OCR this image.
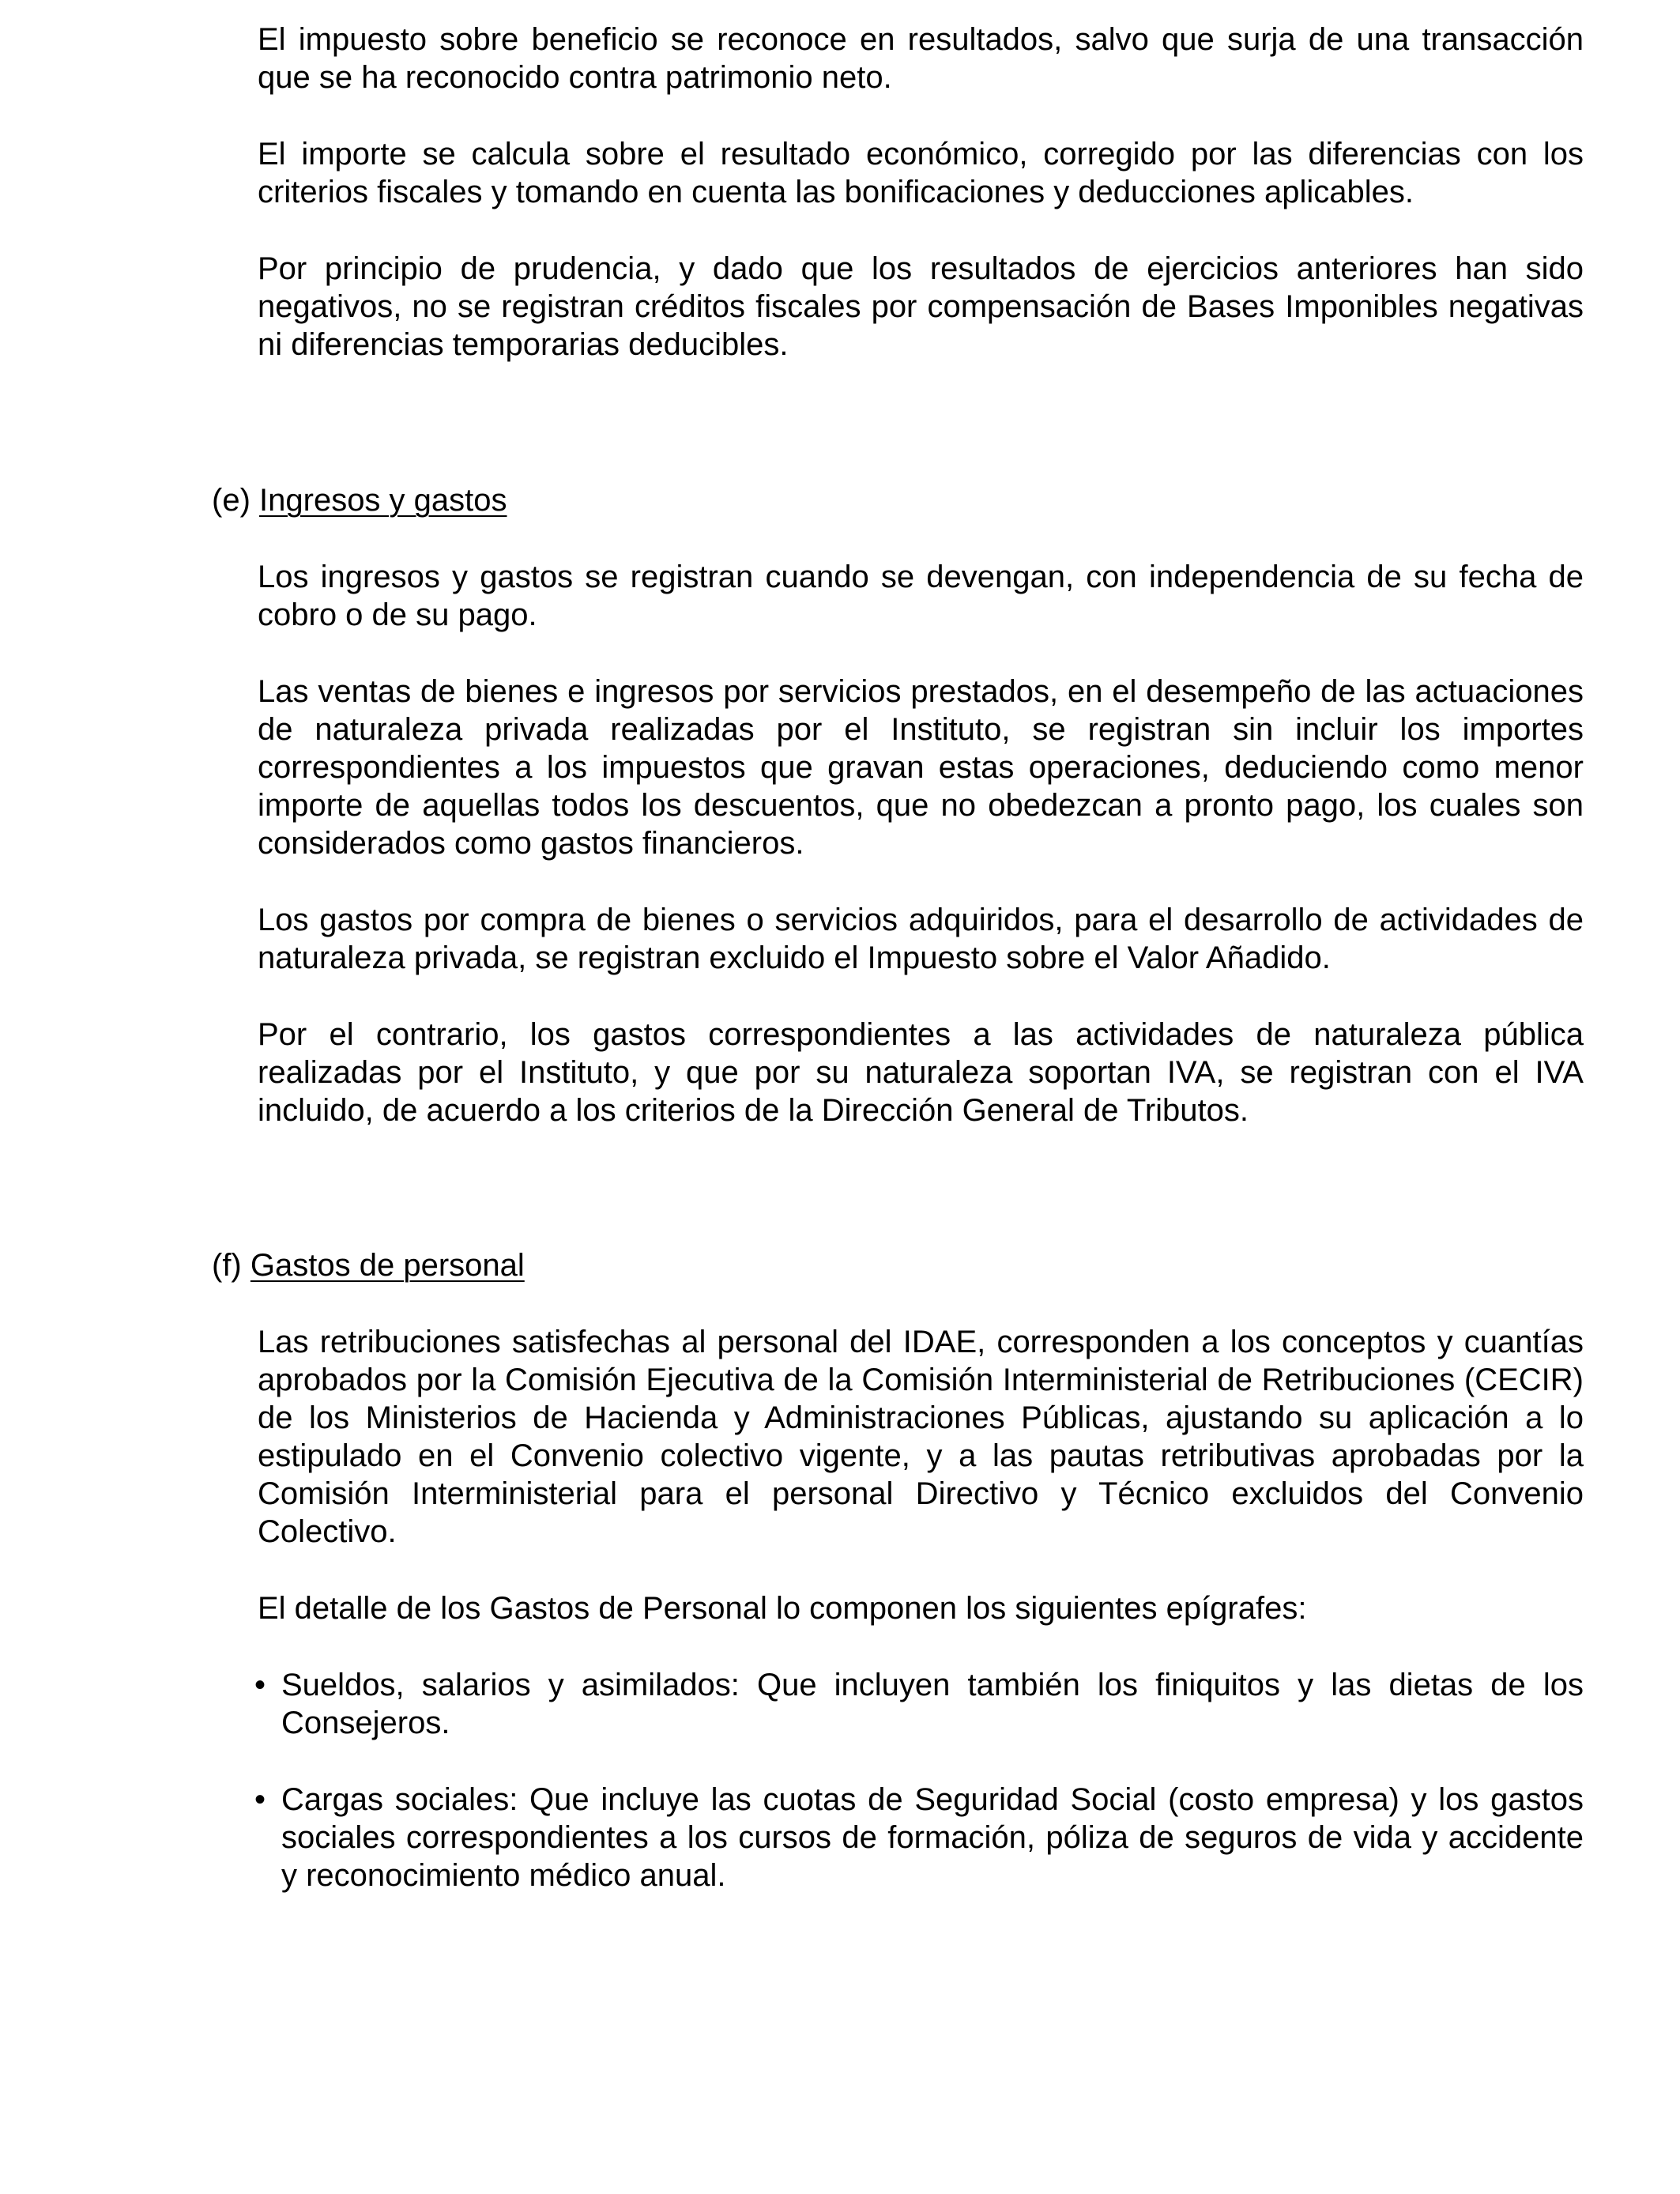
El impuesto sobre beneficio se reconoce en resultados, salvo que surja de una transacción que se ha reconocido contra patrimonio neto.

El importe se calcula sobre el resultado económico, corregido por las diferencias con los criterios fiscales y tomando en cuenta las bonificaciones y deducciones aplicables.

Por principio de prudencia, y dado que los resultados de ejercicios anteriores han sido negativos, no se registran créditos fiscales por compensación de Bases Imponibles negativas ni diferencias temporarias deducibles.

(e) Ingresos y gastos

Los ingresos y gastos se registran cuando se devengan, con independencia de su fecha de cobro o de su pago.

Las ventas de bienes e ingresos por servicios prestados, en el desempeño de las actuaciones de naturaleza privada realizadas por el Instituto, se registran sin incluir los importes correspondientes a los impuestos que gravan estas operaciones, deduciendo como menor importe de aquellas todos los descuentos, que no obedezcan a pronto pago, los cuales son considerados como gastos financieros.

Los gastos por compra de bienes o servicios adquiridos, para el desarrollo de actividades de naturaleza privada, se registran excluido el Impuesto sobre el Valor Añadido.

Por el contrario, los gastos correspondientes a las actividades de naturaleza pública realizadas por el Instituto, y que por su naturaleza soportan IVA, se registran con el IVA incluido, de acuerdo a los criterios de la Dirección General de Tributos.

(f) Gastos de personal

Las retribuciones satisfechas al personal del IDAE, corresponden a los conceptos y cuantías aprobados por la Comisión Ejecutiva de la Comisión Interministerial de Retribuciones (CECIR) de los Ministerios de Hacienda y Administraciones Públicas, ajustando su aplicación a lo estipulado en el Convenio colectivo vigente, y a las pautas retributivas aprobadas por la Comisión Interministerial para el personal Directivo y Técnico excluidos del Convenio Colectivo.

El detalle de los Gastos de Personal lo componen los siguientes epígrafes:

• Sueldos, salarios y asimilados: Que incluyen también los finiquitos y las dietas de los Consejeros.
• Cargas sociales: Que incluye las cuotas de Seguridad Social (costo empresa) y los gastos sociales correspondientes a los cursos de formación, póliza de seguros de vida y accidente y reconocimiento médico anual.
